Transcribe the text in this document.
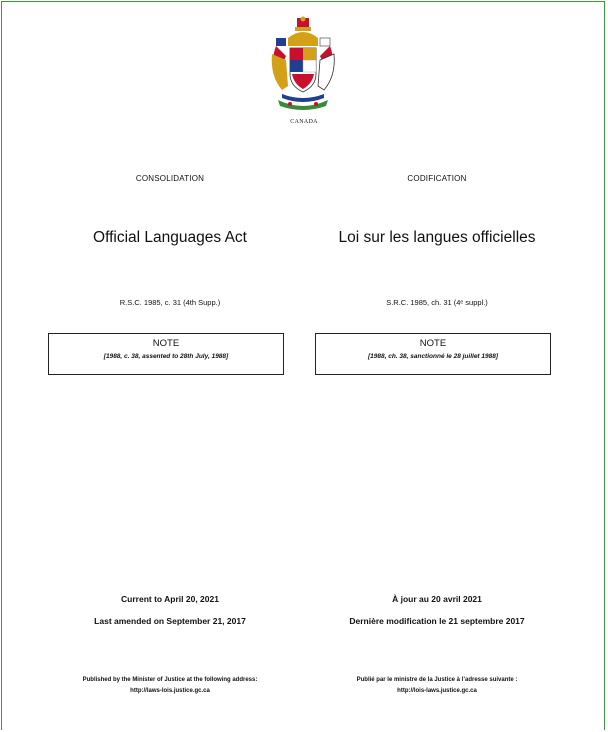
CANADA
CONSOLIDATION
Official Languages Act
R.S.C. 1985, c. 31 (4th Supp.)
NOTE
[1988, c. 38, assented to 28th July, 1988]
Current to April 20, 2021
Last amended on September 21, 2017
Published by the Minister of Justice at the following address:
http://laws-lois.justice.gc.ca
CODIFICATION
Loi sur les langues officielles
S.R.C. 1985, ch. 31 (4ᵉ suppl.)
NOTE
[1988, ch. 38, sanctionné le 28 juillet 1988]
À jour au 20 avril 2021
Dernière modification le 21 septembre 2017
Publié par le ministre de la Justice à l’adresse suivante :
http://lois-laws.justice.gc.ca
